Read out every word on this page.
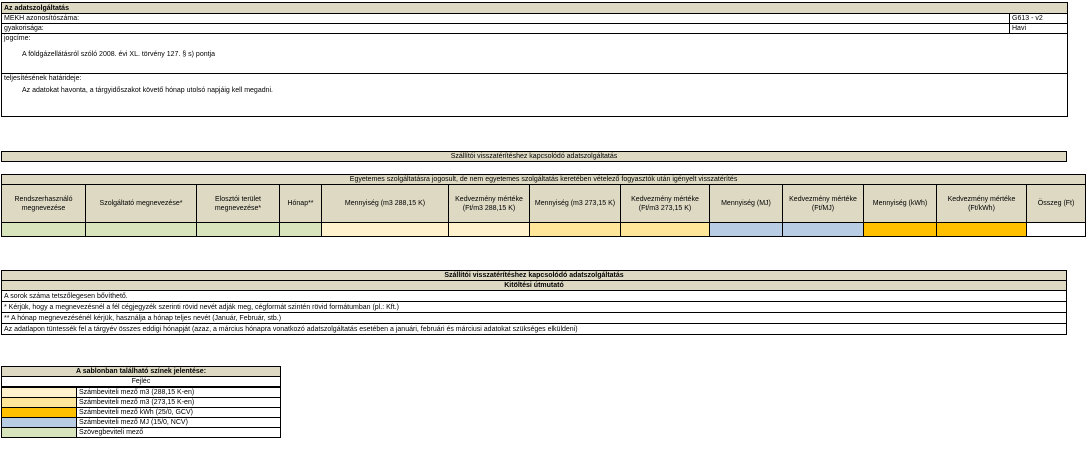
Az adatszolgáltatás	
MEKH azonosítószáma:	G613 - v2
gyakorisága:	Havi

jogcíme:
A földgázellátásról szóló 2008. évi XL. törvény 127. § s) pontja	

teljesítésének határideje:
Az adatokat havonta, a tárgyidőszakot követő hónap utolsó napjáig kell megadni.	
Szállítói visszatérítéshez kapcsolódó adatszolgáltatás
Egyetemes szolgáltatásra jogosult, de nem egyetemes szolgáltatás keretében vételező fogyasztók után igényelt visszatérítés												
Rendszerhasználó megnevezése	Szolgáltató megnevezése*	Elosztói terület megnevezése*	Hónap**	Mennyiség (m3 288,15 K)	Kedvezmény mértéke (Ft/m3 288,15 K)	Mennyiség (m3 273,15 K)	Kedvezmény mértéke (Ft/m3 273,15 K)	Mennyiség (MJ)	Kedvezmény mértéke (Ft/MJ)	Mennyiség (kWh)	Kedvezmény mértéke (Ft/kWh)	Összeg (Ft)

Szállítói visszatérítéshez kapcsolódó adatszolgáltatás
Kitöltési útmutató
A sorok száma tetszőlegesen bővíthető.
* Kérjük, hogy a megnevezésnél a fél cégjegyzék szerinti rövid nevét adják meg, cégformát szintén rövid formátumban (pl.: Kft.)
** A hónap megnevezésénél kérjük, használja a hónap teljes nevét (Január, Február, stb.)
Az adatlapon tüntessék fel a tárgyév összes eddigi hónapját (azaz, a március hónapra vonatkozó adatszolgáltatás esetében a januári, februári és márciusi adatokat szükséges elküldeni)
A sablonban található színek jelentése:
Fejléc
	Számbeviteli mező m3 (288,15 K-en)
	Számbeviteli mező m3 (273,15 K-en)
	Számbeviteli mező kWh (25/0, GCV)
	Számbeviteli mező MJ (15/0, NCV)
	Szövegbeviteli mező
